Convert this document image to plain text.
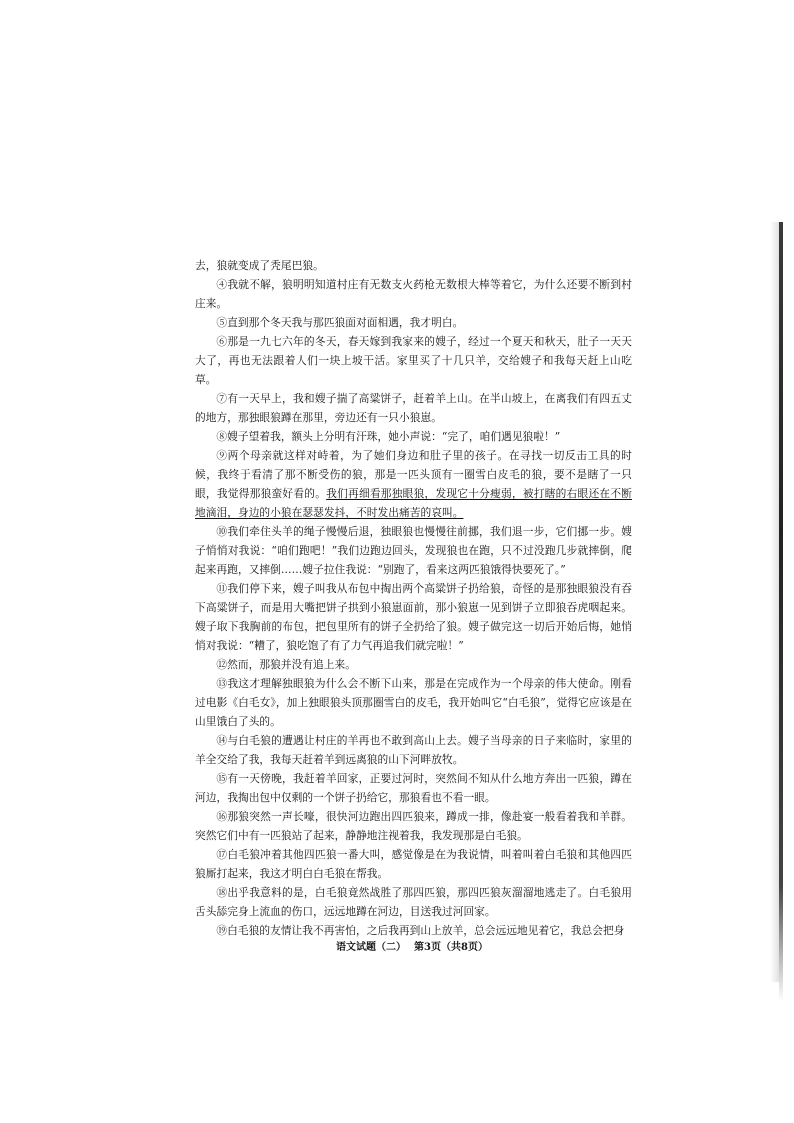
去，狼就变成了秃尾巴狼。

④我就不解，狼明明知道村庄有无数支火药枪无数根大棒等着它，为什么还要不断到村庄来。

⑤直到那个冬天我与那匹狼面对面相遇，我才明白。

⑥那是一九七六年的冬天，春天嫁到我家来的嫂子，经过一个夏天和秋天，肚子一天天大了，再也无法跟着人们一块上坡干活。家里买了十几只羊，交给嫂子和我每天赶上山吃草。

⑦有一天早上，我和嫂子揣了高粱饼子，赶着羊上山。在半山坡上，在离我们有四五丈的地方，那独眼狼蹲在那里，旁边还有一只小狼崽。

⑧嫂子望着我，额头上分明有汗珠，她小声说：“完了，咱们遇见狼啦！”

⑨两个母亲就这样对峙着，为了她们身边和肚子里的孩子。在寻找一切反击工具的时候，我终于看清了那不断受伤的狼，那是一匹头顶有一圈雪白皮毛的狼，要不是瞎了一只眼，我觉得那狼蛮好看的。我们再细看那独眼狼，发现它十分瘦弱，被打瞎的右眼还在不断地滴泪，身边的小狼在瑟瑟发抖，不时发出痛苦的哀叫。

⑩我们牵住头羊的绳子慢慢后退，独眼狼也慢慢往前挪，我们退一步，它们挪一步。嫂子悄悄对我说：“咱们跑吧！”我们边跑边回头，发现狼也在跑，只不过没跑几步就摔倒，爬起来再跑，又摔倒……嫂子拉住我说：“别跑了，看来这两匹狼饿得快要死了。”

⑪我们停下来，嫂子叫我从布包中掏出两个高粱饼子扔给狼，奇怪的是那独眼狼没有吞下高粱饼子，而是用大嘴把饼子拱到小狼崽面前，那小狼崽一见到饼子立即狼吞虎咽起来。嫂子取下我胸前的布包，把包里所有的饼子全扔给了狼。嫂子做完这一切后开始后悔，她悄悄对我说：“糟了，狼吃饱了有了力气再追我们就完啦！”

⑫然而，那狼并没有追上来。

⑬我这才理解独眼狼为什么会不断下山来，那是在完成作为一个母亲的伟大使命。刚看过电影《白毛女》，加上独眼狼头顶那圈雪白的皮毛，我开始叫它“白毛狼”，觉得它应该是在山里饿白了头的。

⑭与白毛狼的遭遇让村庄的羊再也不敢到高山上去。嫂子当母亲的日子来临时，家里的羊全交给了我，我每天赶着羊到远离狼的山下河畔放牧。

⑮有一天傍晚，我赶着羊回家，正要过河时，突然间不知从什么地方奔出一匹狼，蹲在河边，我掏出包中仅剩的一个饼子扔给它，那狼看也不看一眼。

⑯那狼突然一声长嚎，很快河边跑出四匹狼来，蹲成一排，像赴宴一般看着我和羊群。突然它们中有一匹狼站了起来，静静地注视着我，我发现那是白毛狼。

⑰白毛狼冲着其他四匹狼一番大叫，感觉像是在为我说情，叫着叫着白毛狼和其他四匹狼厮打起来，我这才明白白毛狼在帮我。

⑱出乎我意料的是，白毛狼竟然战胜了那四匹狼，那四匹狼灰溜溜地逃走了。白毛狼用舌头舔完身上流血的伤口，远远地蹲在河边，目送我过河回家。

⑲白毛狼的友情让我不再害怕，之后我再到山上放羊，总会远远地见着它，我总会把身

语文试题（二） 第3页（共8页）
